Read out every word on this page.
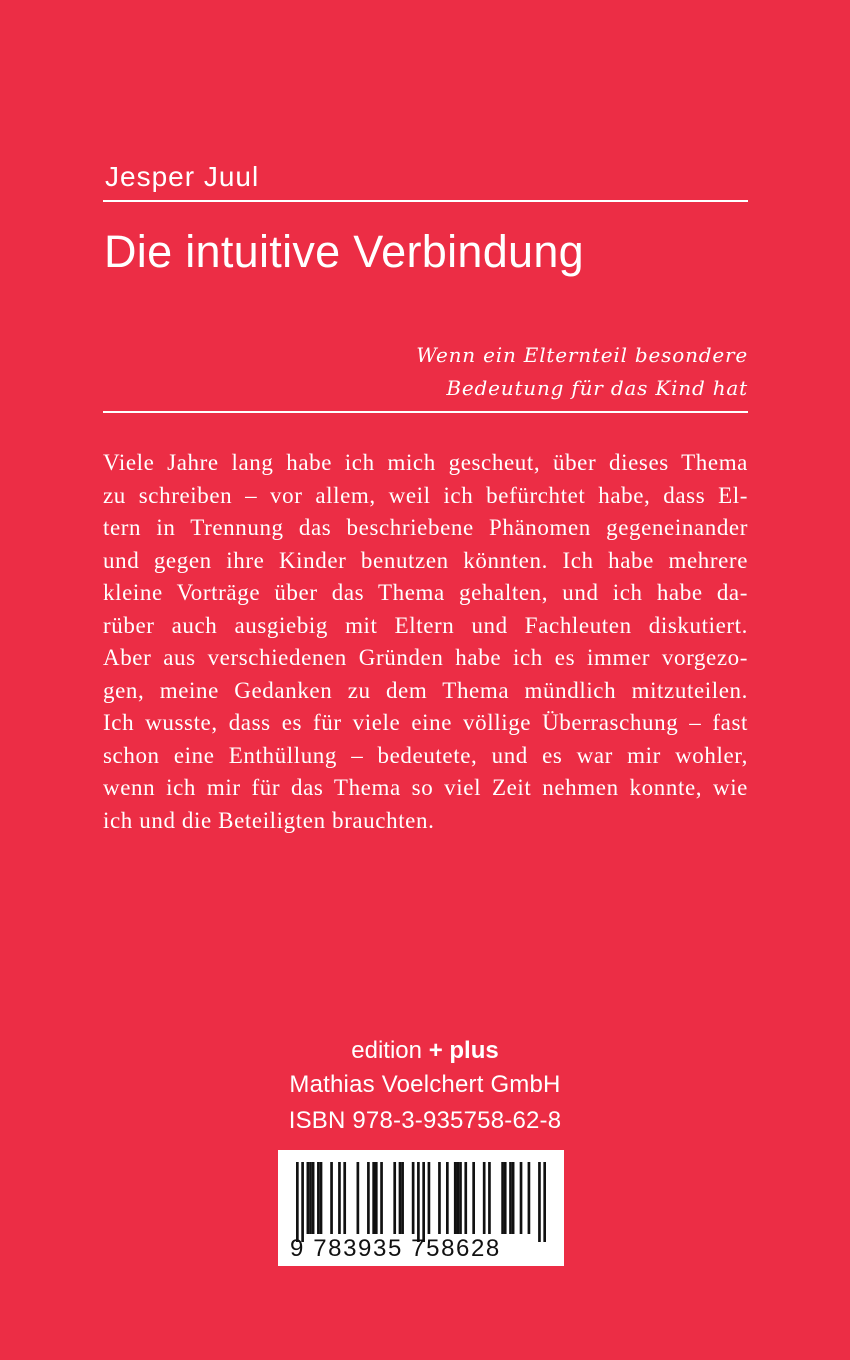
Jesper Juul
Die intuitive Verbindung
Wenn ein Elternteil besondere
Bedeutung für das Kind hat

Viele Jahre lang habe ich mich gescheut, über dieses Thema
zu schreiben – vor allem, weil ich befürchtet habe, dass El-
tern in Trennung das beschriebene Phänomen gegeneinander
und gegen ihre Kinder benutzen könnten. Ich habe mehrere
kleine Vorträge über das Thema gehalten, und ich habe da-
rüber auch ausgiebig mit Eltern und Fachleuten diskutiert.
Aber aus verschiedenen Gründen habe ich es immer vorgezo-
gen, meine Gedanken zu dem Thema mündlich mitzuteilen.
Ich wusste, dass es für viele eine völlige Überraschung – fast
schon eine Enthüllung – bedeutete, und es war mir wohler,
wenn ich mir für das Thema so viel Zeit nehmen konnte, wie
ich und die Beteiligten brauchten.

edition + plus
Mathias Voelchert GmbH
ISBN 978-3-935758-62-8
9 783935 758628
